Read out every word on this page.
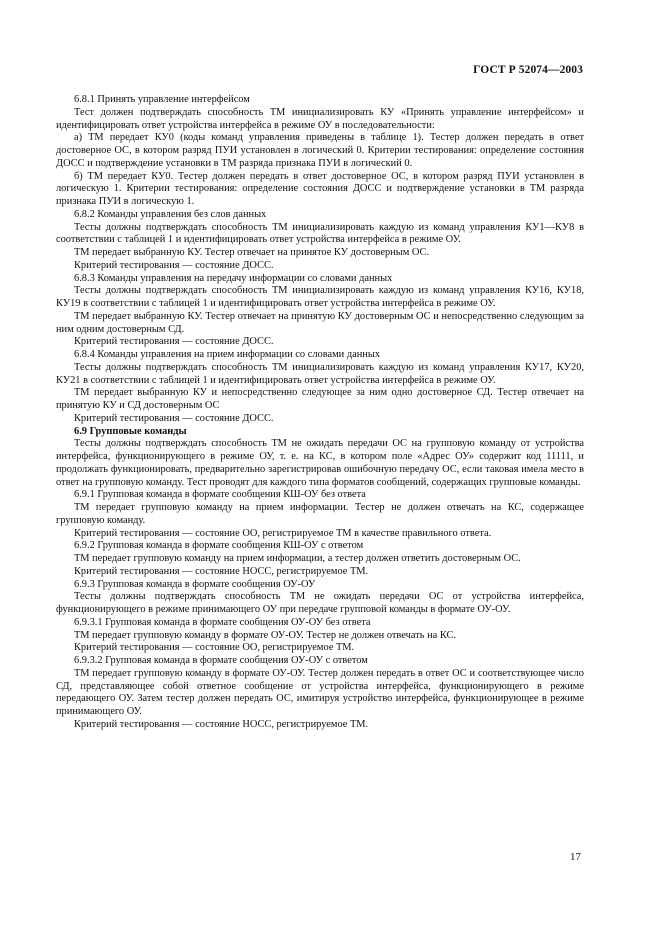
ГОСТ Р 52074—2003

6.8.1 Принять управление интерфейсом

Тест должен подтверждать способность ТМ инициализировать КУ «Принять управление интерфейсом» и идентифицировать ответ устройства интерфейса в режиме ОУ в последовательности:

а) ТМ передает КУ0 (коды команд управления приведены в таблице 1). Тестер должен передать в ответ достоверное ОС, в котором разряд ПУИ установлен в логический 0. Критерии тестирования: определение состояния ДОСС и подтверждение установки в ТМ разряда признака ПУИ в логический 0.

б) ТМ передает КУ0. Тестер должен передать в ответ достоверное ОС, в котором разряд ПУИ установлен в логическую 1. Критерии тестирования: определение состояния ДОСС и подтверждение установки в ТМ разряда признака ПУИ в логическую 1.

6.8.2 Команды управления без слов данных

Тесты должны подтверждать способность ТМ инициализировать каждую из команд управления КУ1—КУ8 в соответствии с таблицей 1 и идентифицировать ответ устройства интерфейса в режиме ОУ.

ТМ передает выбранную КУ. Тестер отвечает на принятое КУ достоверным ОС.

Критерий тестирования — состояние ДОСС.

6.8.3 Команды управления на передачу информации со словами данных

Тесты должны подтверждать способность ТМ инициализировать каждую из команд управления КУ16, КУ18, КУ19 в соответствии с таблицей 1 и идентифицировать ответ устройства интерфейса в режиме ОУ.

ТМ передает выбранную КУ. Тестер отвечает на принятую КУ достоверным ОС и непосредственно следующим за ним одним достоверным СД.

Критерий тестирования — состояние ДОСС.

6.8.4 Команды управления на прием информации со словами данных

Тесты должны подтверждать способность ТМ инициализировать каждую из команд управления КУ17, КУ20, КУ21 в соответствии с таблицей 1 и идентифицировать ответ устройства интерфейса в режиме ОУ.

ТМ передает выбранную КУ и непосредственно следующее за ним одно достоверное СД. Тестер отвечает на принятую КУ и СД достоверным ОС

Критерий тестирования — состояние ДОСС.

6.9 Групповые команды

Тесты должны подтверждать способность ТМ не ожидать передачи ОС на групповую команду от устройства интерфейса, функционирующего в режиме ОУ, т. е. на КС, в котором поле «Адрес ОУ» содержит код 11111, и продолжать функционировать, предварительно зарегистрировав ошибочную передачу ОС, если таковая имела место в ответ на групповую команду. Тест проводят для каждого типа форматов сообщений, содержащих групповые команды.

6.9.1 Групповая команда в формате сообщения КШ-ОУ без ответа

ТМ передает групповую команду на прием информации. Тестер не должен отвечать на КС, содержащее групповую команду.

Критерий тестирования — состояние ОО, регистрируемое ТМ в качестве правильного ответа.

6.9.2 Групповая команда в формате сообщения КШ-ОУ с ответом

ТМ передает групповую команду на прием информации, а тестер должен ответить достоверным ОС.

Критерий тестирования — состояние НОСС, регистрируемое ТМ.

6.9.3 Групповая команда в формате сообщения ОУ-ОУ

Тесты должны подтверждать способность ТМ не ожидать передачи ОС от устройства интерфейса, функционирующего в режиме принимающего ОУ при передаче групповой команды в формате ОУ-ОУ.

6.9.3.1 Групповая команда в формате сообщения ОУ-ОУ без ответа

ТМ передает групповую команду в формате ОУ-ОУ. Тестер не должен отвечать на КС.

Критерий тестирования — состояние ОО, регистрируемое ТМ.

6.9.3.2 Групповая команда в формате сообщения ОУ-ОУ с ответом

ТМ передает групповую команду в формате ОУ-ОУ. Тестер должен передать в ответ ОС и соответствующее число СД, представляющее собой ответное сообщение от устройства интерфейса, функционирующего в режиме передающего ОУ. Затем тестер должен передать ОС, имитируя устройство интерфейса, функционирующее в режиме принимающего ОУ.

Критерий тестирования — состояние НОСС, регистрируемое ТМ.

17
